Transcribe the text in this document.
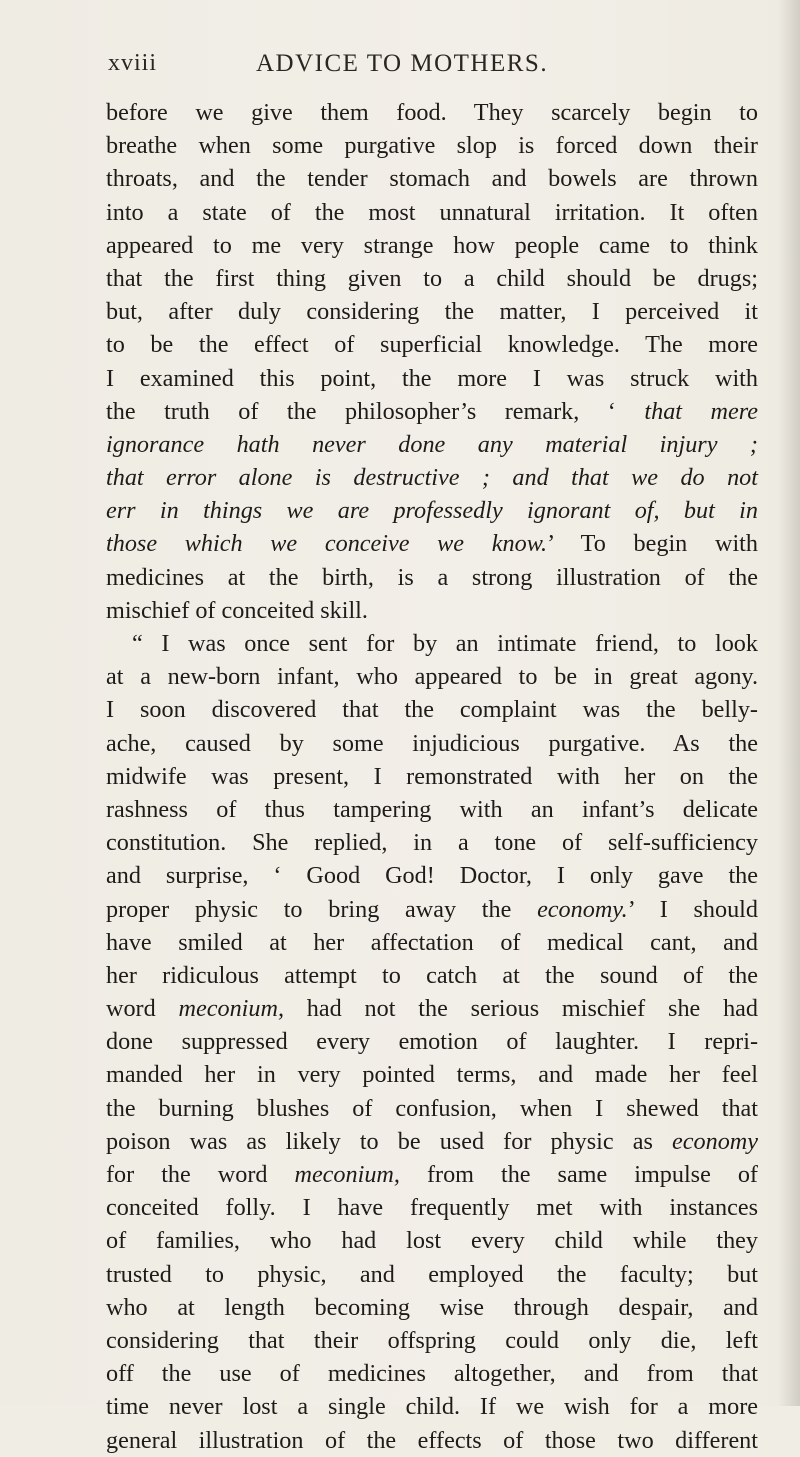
xviii	ADVICE TO MOTHERS.
before we give them food. They scarcely begin to
breathe when some purgative slop is forced down their
throats, and the tender stomach and bowels are thrown
into a state of the most unnatural irritation. It often
appeared to me very strange how people came to think
that the first thing given to a child should be drugs;
but, after duly considering the matter, I perceived it
to be the effect of superficial knowledge. The more
I examined this point, the more I was struck with
the truth of the philosopher’s remark, ‘ that mere
ignorance hath never done any material injury ;
that error alone is destructive ; and that we do not
err in things we are professedly ignorant of, but in
those which we conceive we know.’ To begin with
medicines at the birth, is a strong illustration of the
mischief of conceited skill.
“ I was once sent for by an intimate friend, to look
at a new-born infant, who appeared to be in great agony.
I soon discovered that the complaint was the belly-
ache, caused by some injudicious purgative. As the
midwife was present, I remonstrated with her on the
rashness of thus tampering with an infant’s delicate
constitution. She replied, in a tone of self-sufficiency
and surprise, ‘ Good God! Doctor, I only gave the
proper physic to bring away the economy.’ I should
have smiled at her affectation of medical cant, and
her ridiculous attempt to catch at the sound of the
word meconium, had not the serious mischief she had
done suppressed every emotion of laughter. I repri-
manded her in very pointed terms, and made her feel
the burning blushes of confusion, when I shewed that
poison was as likely to be used for physic as economy
for the word meconium, from the same impulse of
conceited folly. I have frequently met with instances
of families, who had lost every child while they
trusted to physic, and employed the faculty; but
who at length becoming wise through despair, and
considering that their offspring could only die, left
off the use of medicines altogether, and from that
time never lost a single child. If we wish for a more
general illustration of the effects of those two different
